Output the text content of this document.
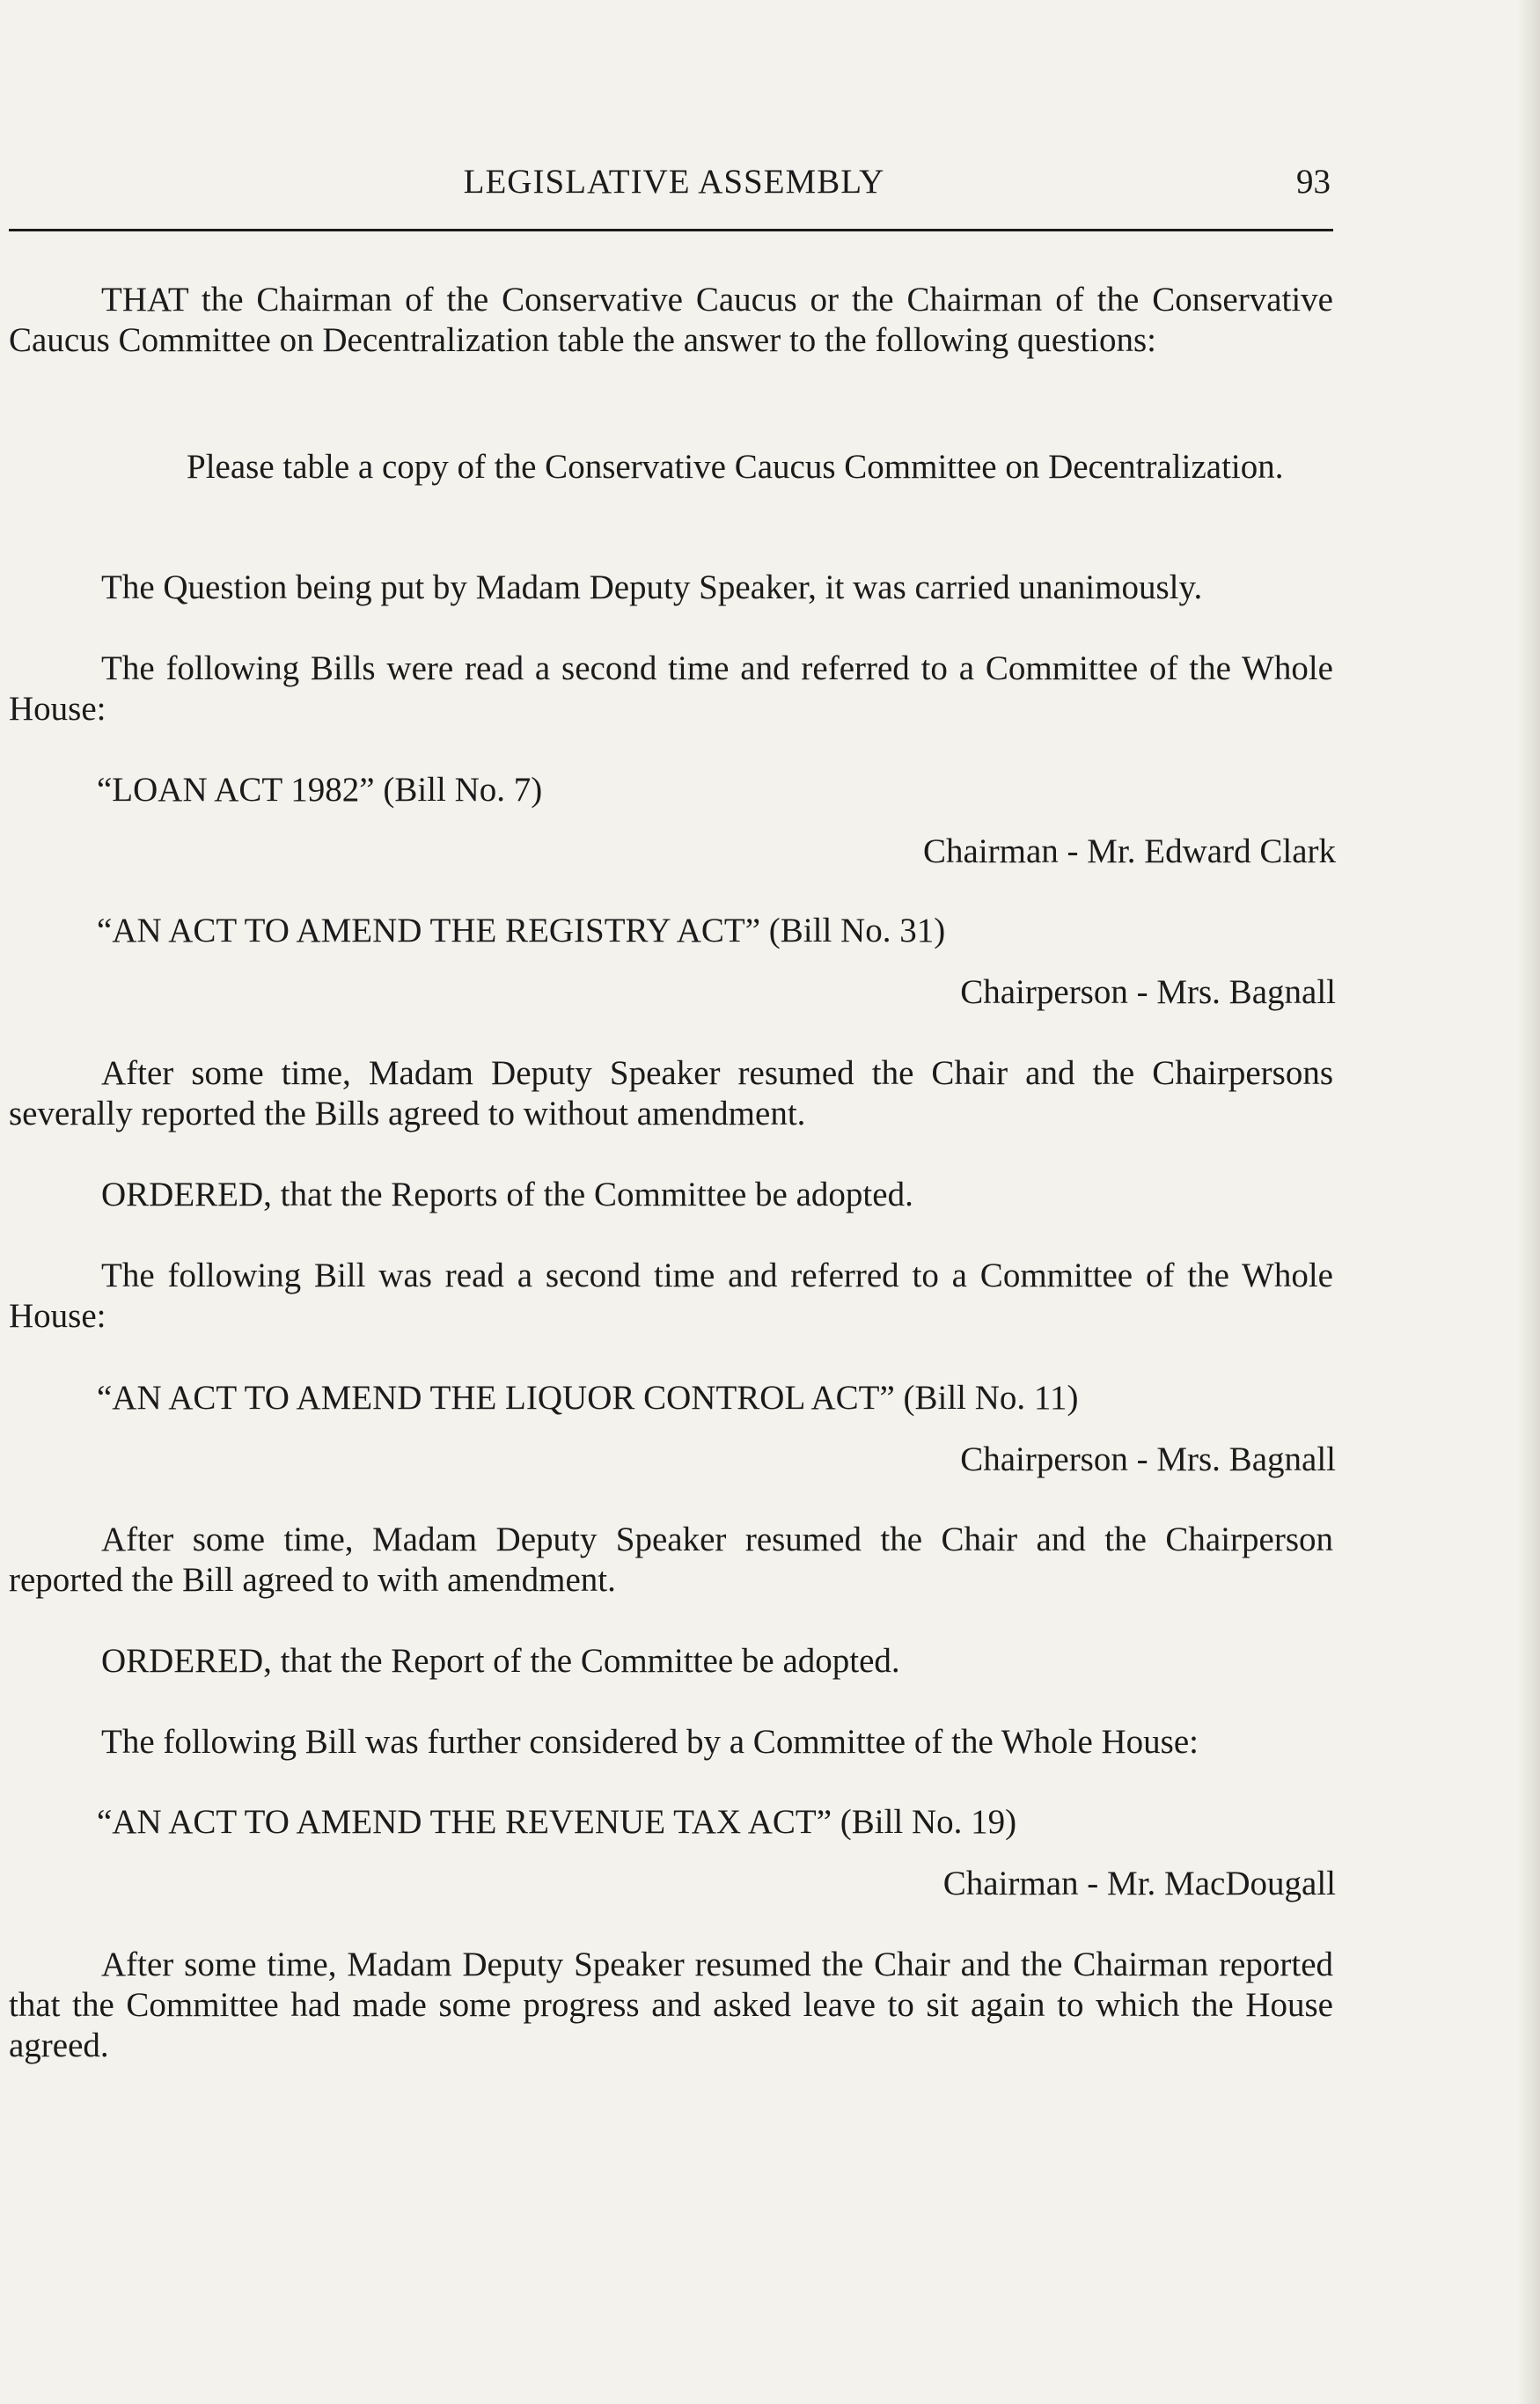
LEGISLATIVE ASSEMBLY	93

THAT the Chairman of the Conservative Caucus or the Chairman of the Conservative Caucus Committee on Decentralization table the answer to the following questions:

Please table a copy of the Conservative Caucus Committee on Decentralization.

The Question being put by Madam Deputy Speaker, it was carried unanimously.

The following Bills were read a second time and referred to a Committee of the Whole House:

“LOAN ACT 1982” (Bill No. 7)

Chairman - Mr. Edward Clark

“AN ACT TO AMEND THE REGISTRY ACT” (Bill No. 31)

Chairperson - Mrs. Bagnall

After some time, Madam Deputy Speaker resumed the Chair and the Chairpersons severally reported the Bills agreed to without amendment.

ORDERED, that the Reports of the Committee be adopted.

The following Bill was read a second time and referred to a Committee of the Whole House:

“AN ACT TO AMEND THE LIQUOR CONTROL ACT” (Bill No. 11)

Chairperson - Mrs. Bagnall

After some time, Madam Deputy Speaker resumed the Chair and the Chairperson reported the Bill agreed to with amendment.

ORDERED, that the Report of the Committee be adopted.

The following Bill was further considered by a Committee of the Whole House:

“AN ACT TO AMEND THE REVENUE TAX ACT” (Bill No. 19)

Chairman - Mr. MacDougall

After some time, Madam Deputy Speaker resumed the Chair and the Chairman reported that the Committee had made some progress and asked leave to sit again to which the House agreed.
